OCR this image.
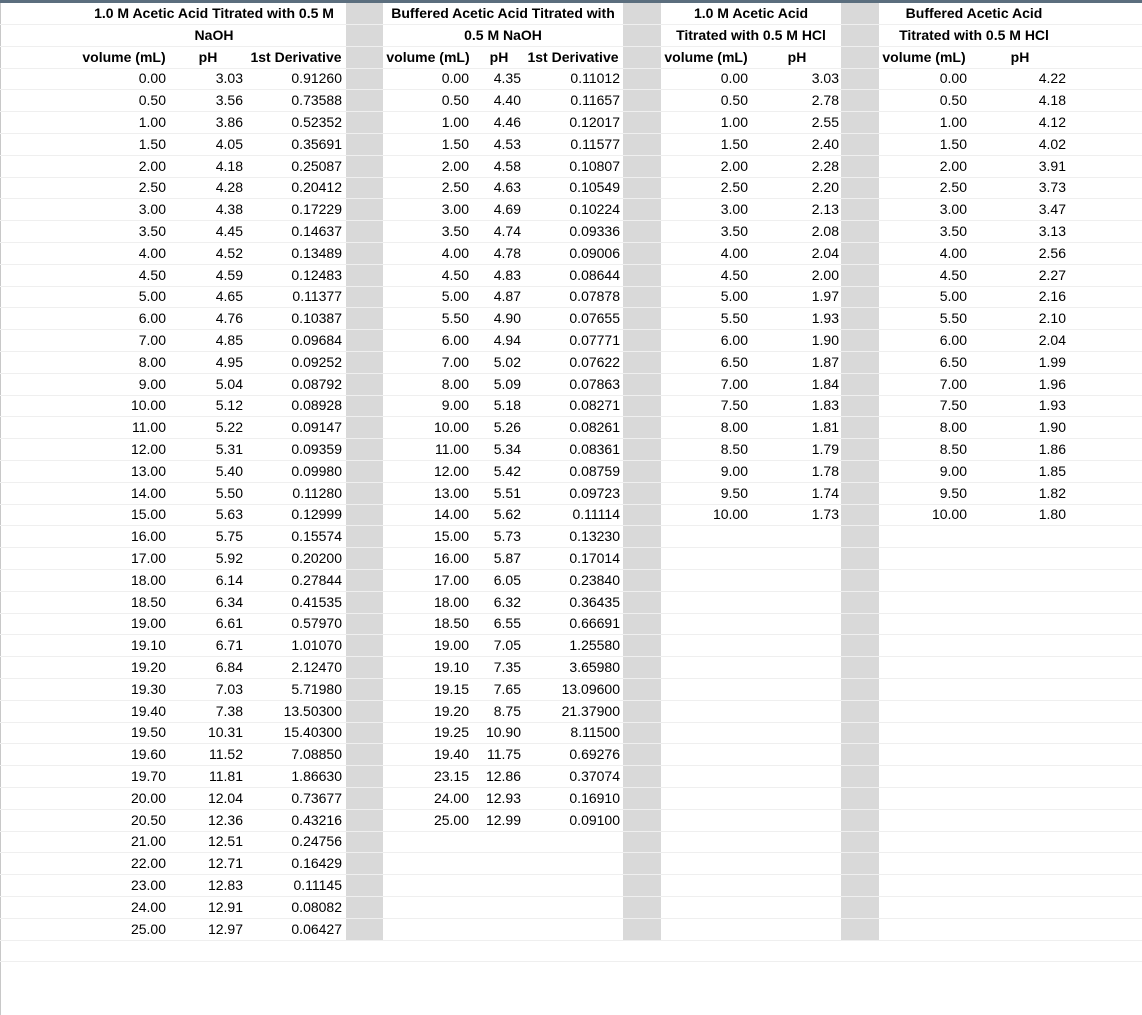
1.0 M Acetic Acid Titrated with 0.5 M
NaOH
volume (mL)	pH	1st Derivative
0.00	3.03	0.91260
0.50	3.56	0.73588
1.00	3.86	0.52352
1.50	4.05	0.35691
2.00	4.18	0.25087
2.50	4.28	0.20412
3.00	4.38	0.17229
3.50	4.45	0.14637
4.00	4.52	0.13489
4.50	4.59	0.12483
5.00	4.65	0.11377
6.00	4.76	0.10387
7.00	4.85	0.09684
8.00	4.95	0.09252
9.00	5.04	0.08792
10.00	5.12	0.08928
11.00	5.22	0.09147
12.00	5.31	0.09359
13.00	5.40	0.09980
14.00	5.50	0.11280
15.00	5.63	0.12999
16.00	5.75	0.15574
17.00	5.92	0.20200
18.00	6.14	0.27844
18.50	6.34	0.41535
19.00	6.61	0.57970
19.10	6.71	1.01070
19.20	6.84	2.12470
19.30	7.03	5.71980
19.40	7.38	13.50300
19.50	10.31	15.40300
19.60	11.52	7.08850
19.70	11.81	1.86630
20.00	12.04	0.73677
20.50	12.36	0.43216
21.00	12.51	0.24756
22.00	12.71	0.16429
23.00	12.83	0.11145
24.00	12.91	0.08082
25.00	12.97	0.06427
Buffered Acetic Acid Titrated with
0.5 M NaOH
volume (mL)	pH	1st Derivative
0.00	4.35	0.11012
0.50	4.40	0.11657
1.00	4.46	0.12017
1.50	4.53	0.11577
2.00	4.58	0.10807
2.50	4.63	0.10549
3.00	4.69	0.10224
3.50	4.74	0.09336
4.00	4.78	0.09006
4.50	4.83	0.08644
5.00	4.87	0.07878
5.50	4.90	0.07655
6.00	4.94	0.07771
7.00	5.02	0.07622
8.00	5.09	0.07863
9.00	5.18	0.08271
10.00	5.26	0.08261
11.00	5.34	0.08361
12.00	5.42	0.08759
13.00	5.51	0.09723
14.00	5.62	0.11114
15.00	5.73	0.13230
16.00	5.87	0.17014
17.00	6.05	0.23840
18.00	6.32	0.36435
18.50	6.55	0.66691
19.00	7.05	1.25580
19.10	7.35	3.65980
19.15	7.65	13.09600
19.20	8.75	21.37900
19.25	10.90	8.11500
19.40	11.75	0.69276
23.15	12.86	0.37074
24.00	12.93	0.16910
25.00	12.99	0.09100
1.0 M Acetic Acid
Titrated with 0.5 M HCl
volume (mL)	pH
0.00	3.03
0.50	2.78
1.00	2.55
1.50	2.40
2.00	2.28
2.50	2.20
3.00	2.13
3.50	2.08
4.00	2.04
4.50	2.00
5.00	1.97
5.50	1.93
6.00	1.90
6.50	1.87
7.00	1.84
7.50	1.83
8.00	1.81
8.50	1.79
9.00	1.78
9.50	1.74
10.00	1.73
Buffered Acetic Acid
Titrated with 0.5 M HCl
volume (mL)	pH
0.00	4.22
0.50	4.18
1.00	4.12
1.50	4.02
2.00	3.91
2.50	3.73
3.00	3.47
3.50	3.13
4.00	2.56
4.50	2.27
5.00	2.16
5.50	2.10
6.00	2.04
6.50	1.99
7.00	1.96
7.50	1.93
8.00	1.90
8.50	1.86
9.00	1.85
9.50	1.82
10.00	1.80
